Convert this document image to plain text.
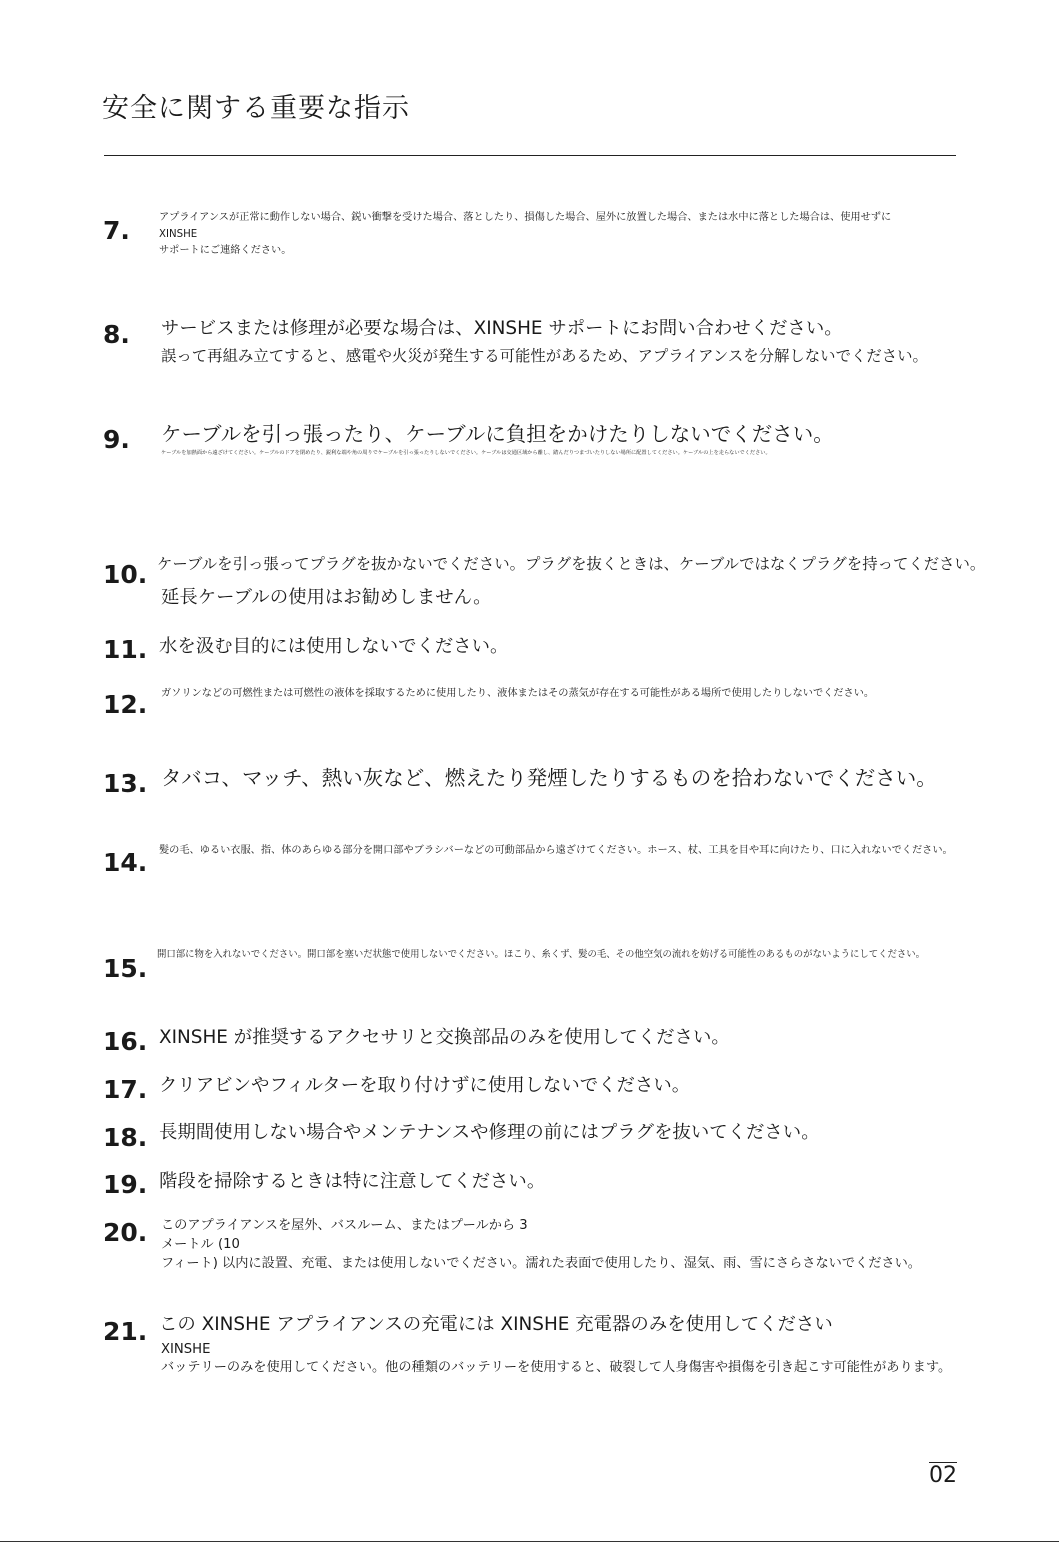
安全に関する重要な指示
7.	アプライアンスが正常に動作しない場合、鋭い衝撃を受けた場合、落としたり、損傷した場合、屋外に放置した場合、または水中に落とした場合は、使用せずに
XINSHE
サポートにご連絡ください。
8. サービスまたは修理が必要な場合は、XINSHE サポートにお問い合わせください。
誤って再組み立てすると、感電や火災が発生する可能性があるため、アプライアンスを分解しないでください。
9. ケーブルを引っ張ったり、ケーブルに負担をかけたりしないでください。
ケーブルを加熱面から遠ざけてください。ケーブルのドアを閉めたり、鋭利な端や角の周りでケーブルを引っ張ったりしないでください。ケーブルは交通区域から離し、踏んだりつまづいたりしない場所に配置してください。ケーブルの上を走らないでください。
10. ケーブルを引っ張ってプラグを抜かないでください。プラグを抜くときは、ケーブルではなくプラグを持ってください。
延長ケーブルの使用はお勧めしません。
11. 水を汲む目的には使用しないでください。
12. ガソリンなどの可燃性または可燃性の液体を採取するために使用したり、液体またはその蒸気が存在する可能性がある場所で使用したりしないでください。
13. タバコ、マッチ、熱い灰など、燃えたり発煙したりするものを拾わないでください。
14. 髪の毛、ゆるい衣服、指、体のあらゆる部分を開口部やブラシバーなどの可動部品から遠ざけてください。ホース、杖、工具を目や耳に向けたり、口に入れないでください。
15. 開口部に物を入れないでください。開口部を塞いだ状態で使用しないでください。ほこり、糸くず、髪の毛、その他空気の流れを妨げる可能性のあるものがないようにしてください。
16. XINSHE が推奨するアクセサリと交換部品のみを使用してください。
17. クリアビンやフィルターを取り付けずに使用しないでください。
18. 長期間使用しない場合やメンテナンスや修理の前にはプラグを抜いてください。
19. 階段を掃除するときは特に注意してください。
20. このアプライアンスを屋外、バスルーム、またはプールから 3
メートル (10
フィート) 以内に設置、充電、または使用しないでください。濡れた表面で使用したり、湿気、雨、雪にさらさないでください。
21. この XINSHE アプライアンスの充電には XINSHE 充電器のみを使用してください
XINSHE
バッテリーのみを使用してください。他の種類のバッテリーを使用すると、破裂して人身傷害や損傷を引き起こす可能性があります。
02
